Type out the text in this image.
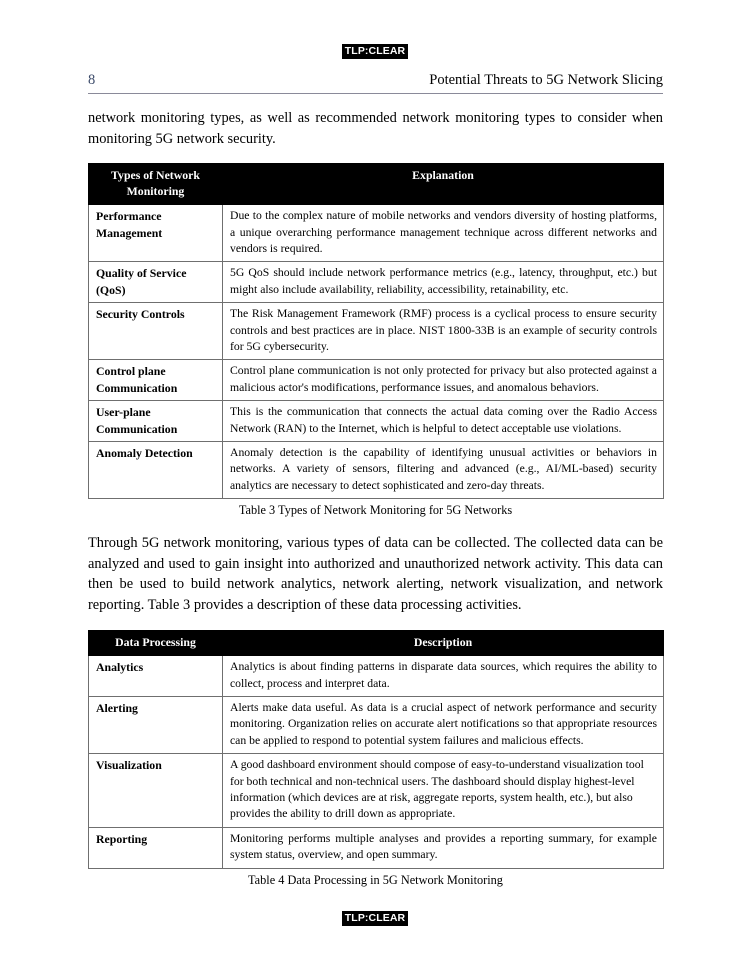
TLP:CLEAR
8	Potential Threats to 5G Network Slicing

network monitoring types, as well as recommended network monitoring types to consider when monitoring 5G network security.

Types of Network Monitoring	Explanation
Performance Management	Due to the complex nature of mobile networks and vendors diversity of hosting platforms, a unique overarching performance management technique across different networks and vendors is required.
Quality of Service (QoS)	5G QoS should include network performance metrics (e.g., latency, throughput, etc.) but might also include availability, reliability, accessibility, retainability, etc.
Security Controls	The Risk Management Framework (RMF) process is a cyclical process to ensure security controls and best practices are in place. NIST 1800-33B is an example of security controls for 5G cybersecurity.
Control plane Communication	Control plane communication is not only protected for privacy but also protected against a malicious actor's modifications, performance issues, and anomalous behaviors.
User-plane Communication	This is the communication that connects the actual data coming over the Radio Access Network (RAN) to the Internet, which is helpful to detect acceptable use violations.
Anomaly Detection	Anomaly detection is the capability of identifying unusual activities or behaviors in networks. A variety of sensors, filtering and advanced (e.g., AI/ML-based) security analytics are necessary to detect sophisticated and zero-day threats.
Table 3 Types of Network Monitoring for 5G Networks

Through 5G network monitoring, various types of data can be collected. The collected data can be analyzed and used to gain insight into authorized and unauthorized network activity. This data can then be used to build network analytics, network alerting, network visualization, and network reporting. Table 3 provides a description of these data processing activities.

Data Processing	Description
Analytics	Analytics is about finding patterns in disparate data sources, which requires the ability to collect, process and interpret data.
Alerting	Alerts make data useful. As data is a crucial aspect of network performance and security monitoring. Organization relies on accurate alert notifications so that appropriate resources can be applied to respond to potential system failures and malicious effects.
Visualization	A good dashboard environment should compose of easy-to-understand visualization tool for both technical and non-technical users. The dashboard should display highest-level information (which devices are at risk, aggregate reports, system health, etc.), but also provides the ability to drill down as appropriate.
Reporting	Monitoring performs multiple analyses and provides a reporting summary, for example system status, overview, and open summary.
Table 4 Data Processing in 5G Network Monitoring
TLP:CLEAR
